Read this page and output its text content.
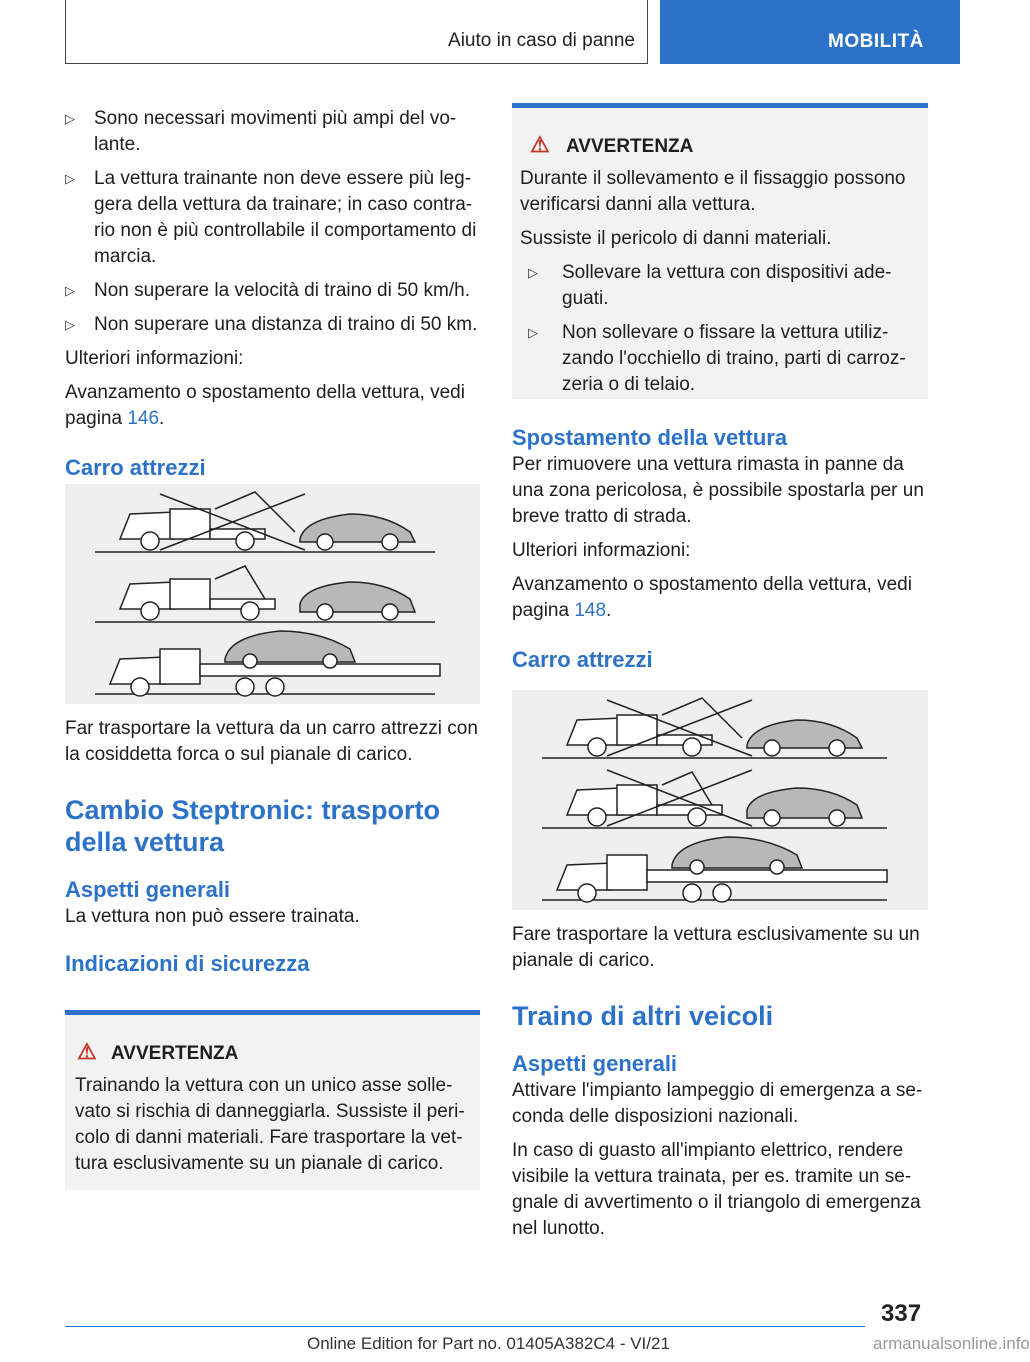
Aiuto in caso di panne	MOBILITÀ
▷ Sono necessari movimenti più ampi del vo-lante.

▷ La vettura trainante non deve essere più leg-gera della vettura da trainare; in caso contra-rio non è più controllabile il comportamento di marcia.

▷ Non superare la velocità di traino di 50 km/h.

▷ Non superare una distanza di traino di 50 km.

Ulteriori informazioni:

Avanzamento o spostamento della vettura, vedi pagina 146.

Carro attrezzi

Far trasportare la vettura da un carro attrezzi con la cosiddetta forca o sul pianale di carico.

Cambio Steptronic: trasporto della vettura
Aspetti generali

La vettura non può essere trainata.

Indicazioni di sicurezza
⚠ AVVERTENZA

Trainando la vettura con un unico asse solle-vato si rischia di danneggiarla. Sussiste il peri-colo di danni materiali. Fare trasportare la vet-tura esclusivamente su un pianale di carico.

⚠ AVVERTENZA

Durante il sollevamento e il fissaggio possono verificarsi danni alla vettura.

Sussiste il pericolo di danni materiali.

▷ Sollevare la vettura con dispositivi ade-guati.

▷ Non sollevare o fissare la vettura utiliz-zando l'occhiello di traino, parti di carroz-zeria o di telaio.

Spostamento della vettura

Per rimuovere una vettura rimasta in panne da una zona pericolosa, è possibile spostarla per un breve tratto di strada.

Ulteriori informazioni:

Avanzamento o spostamento della vettura, vedi pagina 148.

Carro attrezzi

Fare trasportare la vettura esclusivamente su un pianale di carico.

Traino di altri veicoli
Aspetti generali

Attivare l'impianto lampeggio di emergenza a se-conda delle disposizioni nazionali.

In caso di guasto all'impianto elettrico, rendere visibile la vettura trainata, per es. tramite un se-gnale di avvertimento o il triangolo di emergenza nel lunotto.

337
Online Edition for Part no. 01405A382C4 - VI/21	armanualsonline.info
